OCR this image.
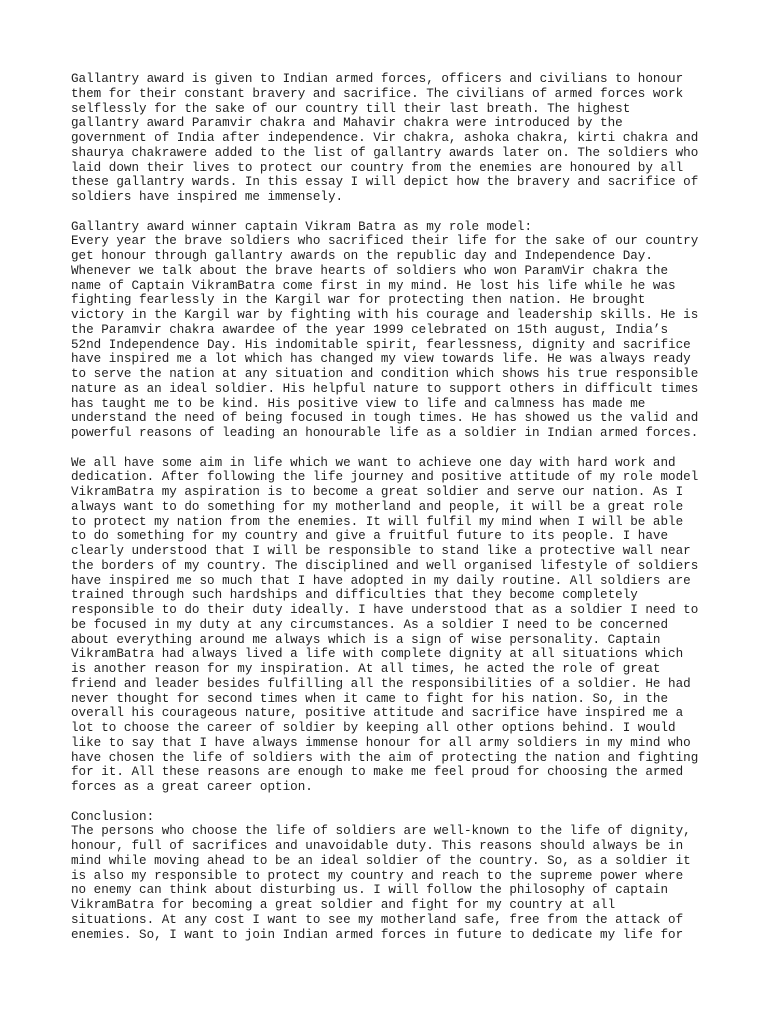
Gallantry award is given to Indian armed forces, officers and civilians to honour
them for their constant bravery and sacrifice. The civilians of armed forces work
selflessly for the sake of our country till their last breath. The highest
gallantry award Paramvir chakra and Mahavir chakra were introduced by the
government of India after independence. Vir chakra, ashoka chakra, kirti chakra and
shaurya chakrawere added to the list of gallantry awards later on. The soldiers who
laid down their lives to protect our country from the enemies are honoured by all
these gallantry wards. In this essay I will depict how the bravery and sacrifice of
soldiers have inspired me immensely.
Gallantry award winner captain Vikram Batra as my role model:
Every year the brave soldiers who sacrificed their life for the sake of our country
get honour through gallantry awards on the republic day and Independence Day.
Whenever we talk about the brave hearts of soldiers who won ParamVir chakra the
name of Captain VikramBatra come first in my mind. He lost his life while he was
fighting fearlessly in the Kargil war for protecting then nation. He brought
victory in the Kargil war by fighting with his courage and leadership skills. He is
the Paramvir chakra awardee of the year 1999 celebrated on 15th august, India’s
52nd Independence Day. His indomitable spirit, fearlessness, dignity and sacrifice
have inspired me a lot which has changed my view towards life. He was always ready
to serve the nation at any situation and condition which shows his true responsible
nature as an ideal soldier. His helpful nature to support others in difficult times
has taught me to be kind. His positive view to life and calmness has made me
understand the need of being focused in tough times. He has showed us the valid and
powerful reasons of leading an honourable life as a soldier in Indian armed forces.
We all have some aim in life which we want to achieve one day with hard work and
dedication. After following the life journey and positive attitude of my role model
VikramBatra my aspiration is to become a great soldier and serve our nation. As I
always want to do something for my motherland and people, it will be a great role
to protect my nation from the enemies. It will fulfil my mind when I will be able
to do something for my country and give a fruitful future to its people. I have
clearly understood that I will be responsible to stand like a protective wall near
the borders of my country. The disciplined and well organised lifestyle of soldiers
have inspired me so much that I have adopted in my daily routine. All soldiers are
trained through such hardships and difficulties that they become completely
responsible to do their duty ideally. I have understood that as a soldier I need to
be focused in my duty at any circumstances. As a soldier I need to be concerned
about everything around me always which is a sign of wise personality. Captain
VikramBatra had always lived a life with complete dignity at all situations which
is another reason for my inspiration. At all times, he acted the role of great
friend and leader besides fulfilling all the responsibilities of a soldier. He had
never thought for second times when it came to fight for his nation. So, in the
overall his courageous nature, positive attitude and sacrifice have inspired me a
lot to choose the career of soldier by keeping all other options behind. I would
like to say that I have always immense honour for all army soldiers in my mind who
have chosen the life of soldiers with the aim of protecting the nation and fighting
for it. All these reasons are enough to make me feel proud for choosing the armed
forces as a great career option.
Conclusion:
The persons who choose the life of soldiers are well-known to the life of dignity,
honour, full of sacrifices and unavoidable duty. This reasons should always be in
mind while moving ahead to be an ideal soldier of the country. So, as a soldier it
is also my responsible to protect my country and reach to the supreme power where
no enemy can think about disturbing us. I will follow the philosophy of captain
VikramBatra for becoming a great soldier and fight for my country at all
situations. At any cost I want to see my motherland safe, free from the attack of
enemies. So, I want to join Indian armed forces in future to dedicate my life for
